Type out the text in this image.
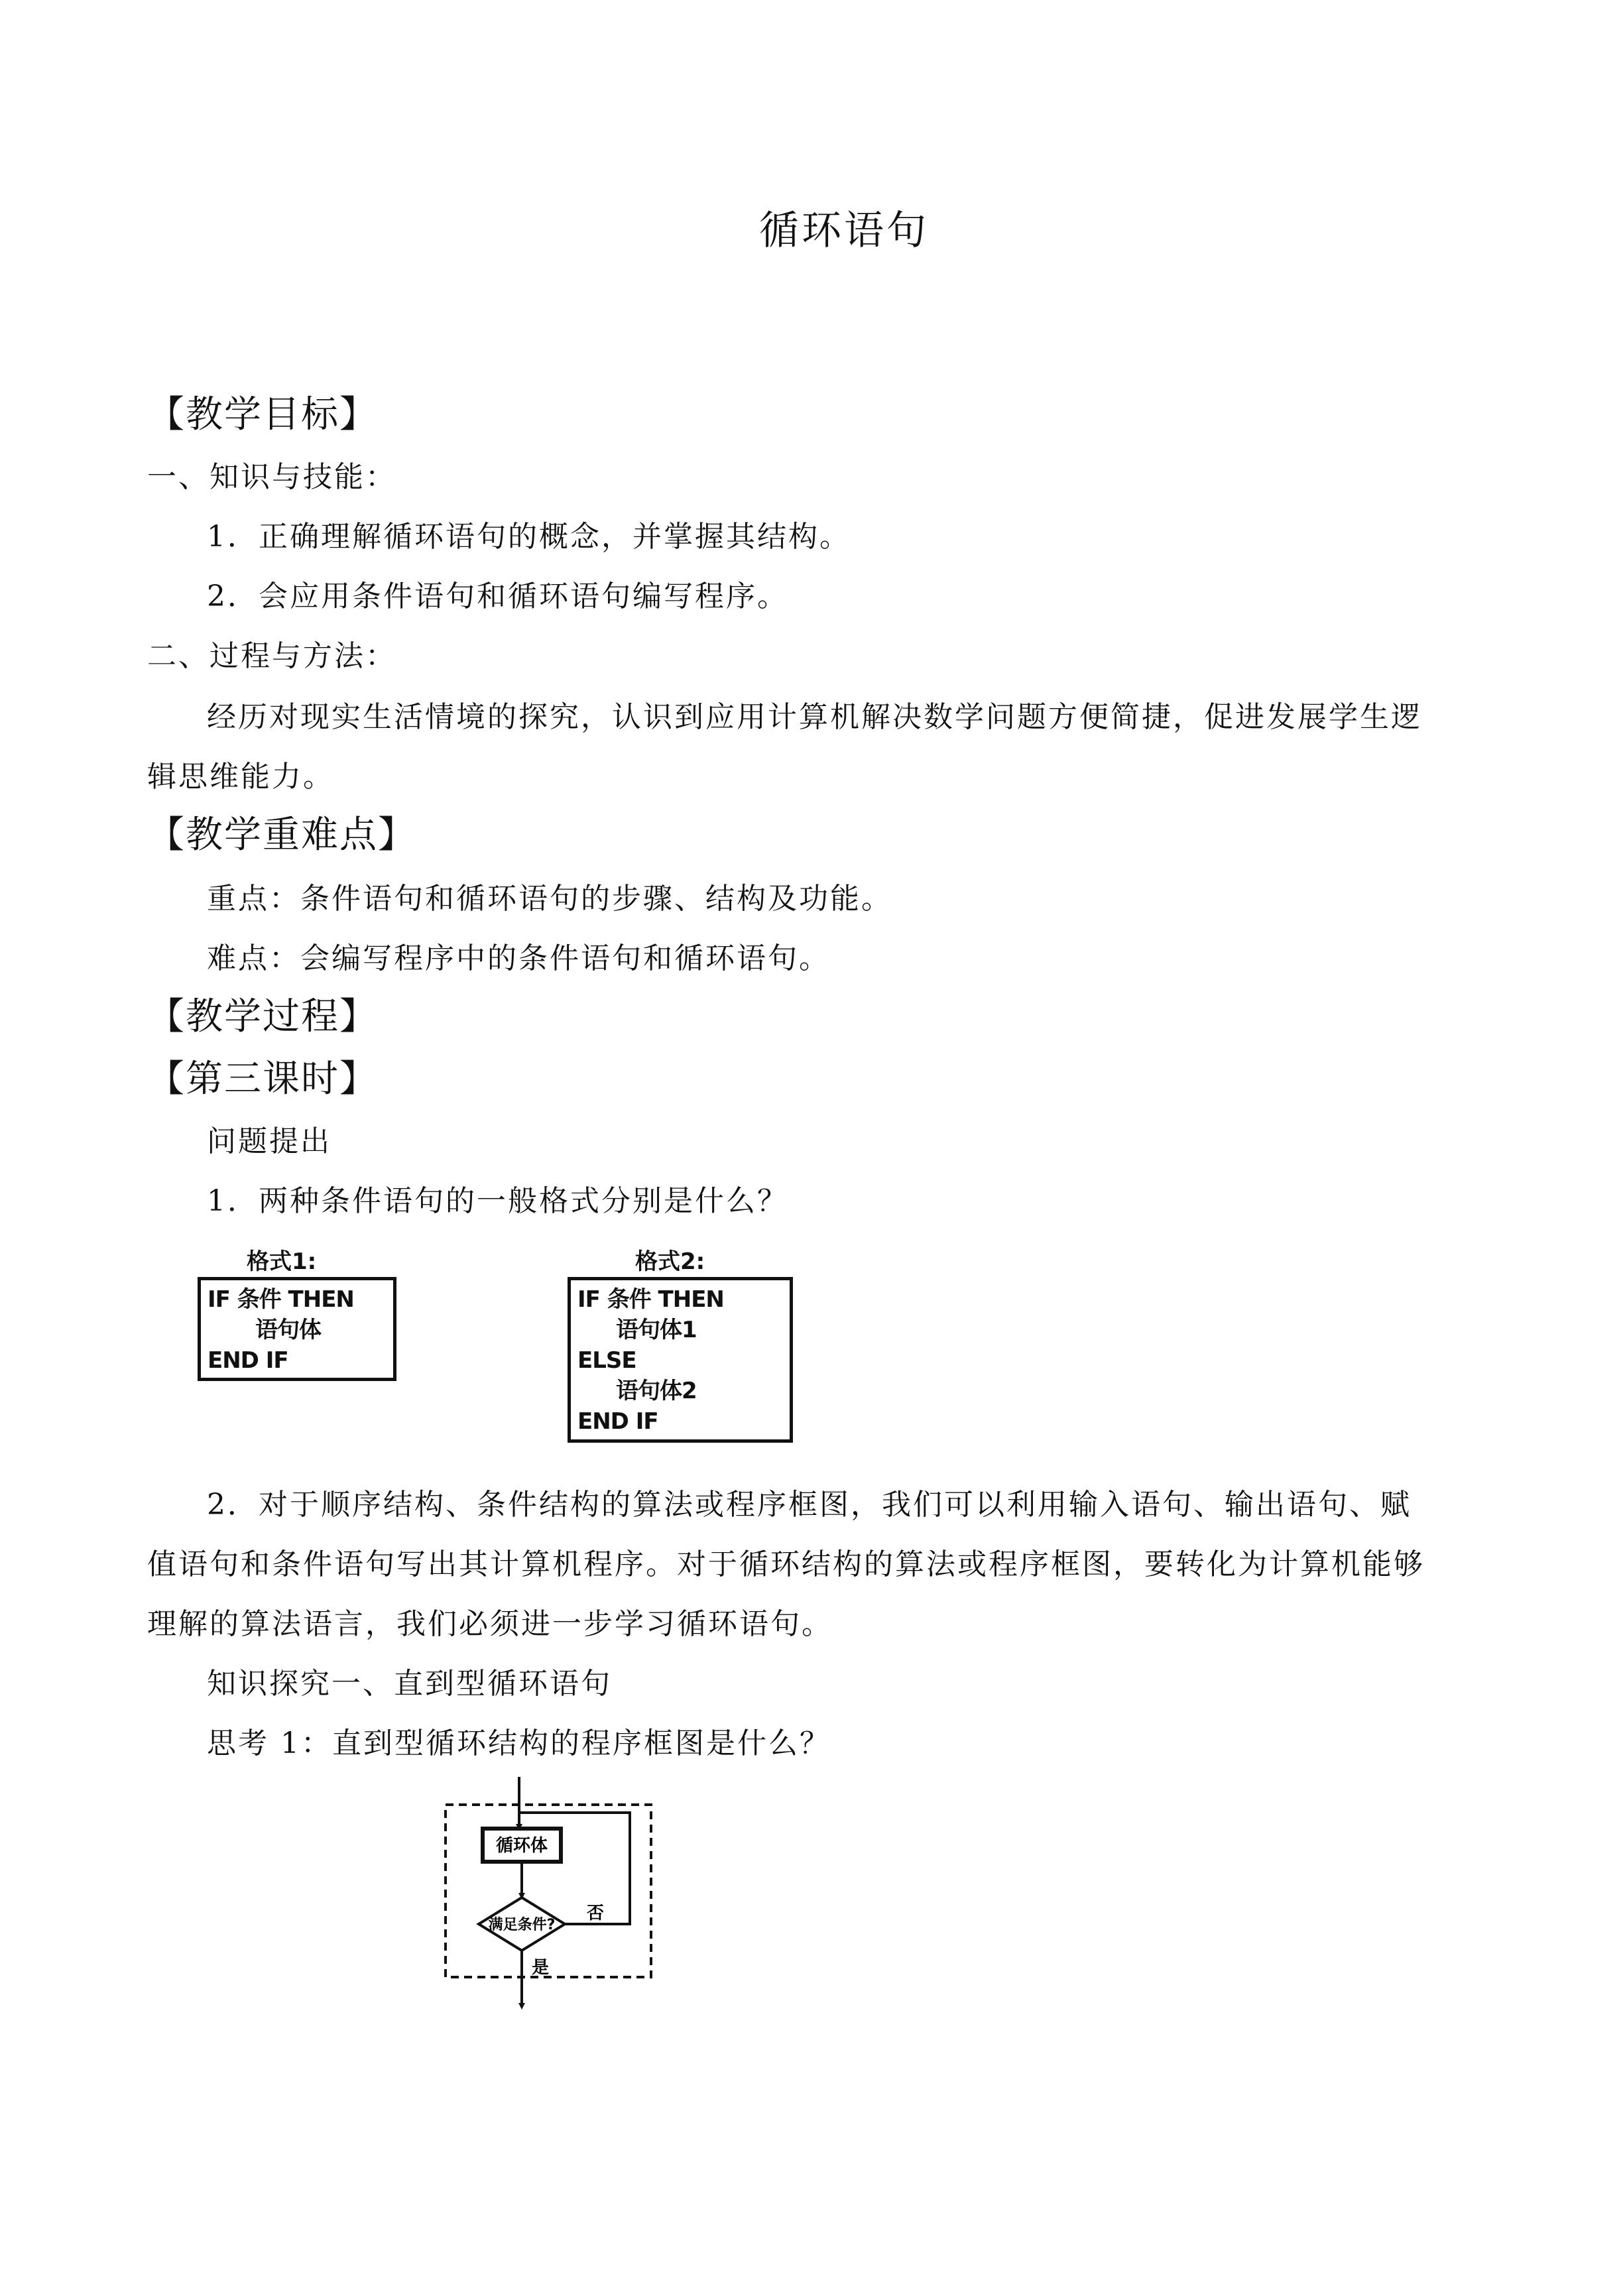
循环语句
【教学目标】
一、知识与技能：
1．正确理解循环语句的概念，并掌握其结构。
2．会应用条件语句和循环语句编写程序。
二、过程与方法：
经历对现实生活情境的探究，认识到应用计算机解决数学问题方便简捷，促进发展学生逻
辑思维能力。
【教学重难点】
重点：条件语句和循环语句的步骤、结构及功能。
难点：会编写程序中的条件语句和循环语句。
【教学过程】
【第三课时】
问题提出
1．两种条件语句的一般格式分别是什么？
格式1:
IF 条件 THEN
语句体
END IF
格式2:
IF 条件 THEN
语句体1
ELSE
语句体2
END IF
2．对于顺序结构、条件结构的算法或程序框图，我们可以利用输入语句、输出语句、赋
值语句和条件语句写出其计算机程序。对于循环结构的算法或程序框图，要转化为计算机能够
理解的算法语言，我们必须进一步学习循环语句。
知识探究一、直到型循环语句
思考 1：直到型循环结构的程序框图是什么？
循环体
满足条件?
否
是
